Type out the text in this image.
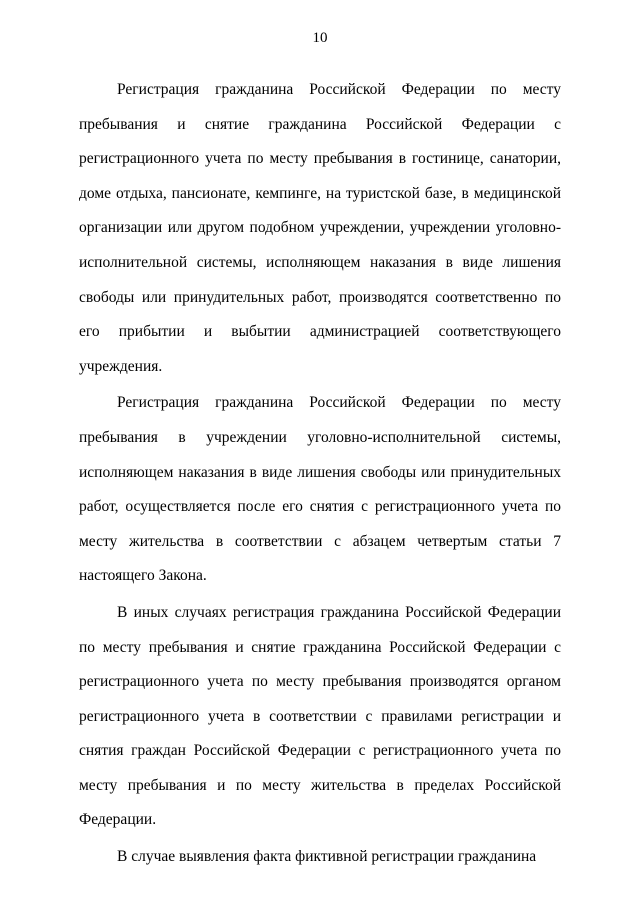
10

Регистрация гражданина Российской Федерации по месту пребывания и снятие гражданина Российской Федерации с регистрационного учета по месту пребывания в гостинице, санатории, доме отдыха, пансионате, кемпинге, на туристской базе, в медицинской организации или другом подобном учреждении, учреждении уголовно-исполнительной системы, исполняющем наказания в виде лишения свободы или принудительных работ, производятся соответственно по его прибытии и выбытии администрацией соответствующего учреждения.

Регистрация гражданина Российской Федерации по месту пребывания в учреждении уголовно-исполнительной системы, исполняющем наказания в виде лишения свободы или принудительных работ, осуществляется после его снятия с регистрационного учета по месту жительства в соответствии с абзацем четвертым статьи 7 настоящего Закона.

В иных случаях регистрация гражданина Российской Федерации по месту пребывания и снятие гражданина Российской Федерации с регистрационного учета по месту пребывания производятся органом регистрационного учета в соответствии с правилами регистрации и снятия граждан Российской Федерации с регистрационного учета по месту пребывания и по месту жительства в пределах Российской Федерации.

В случае выявления факта фиктивной регистрации гражданина
